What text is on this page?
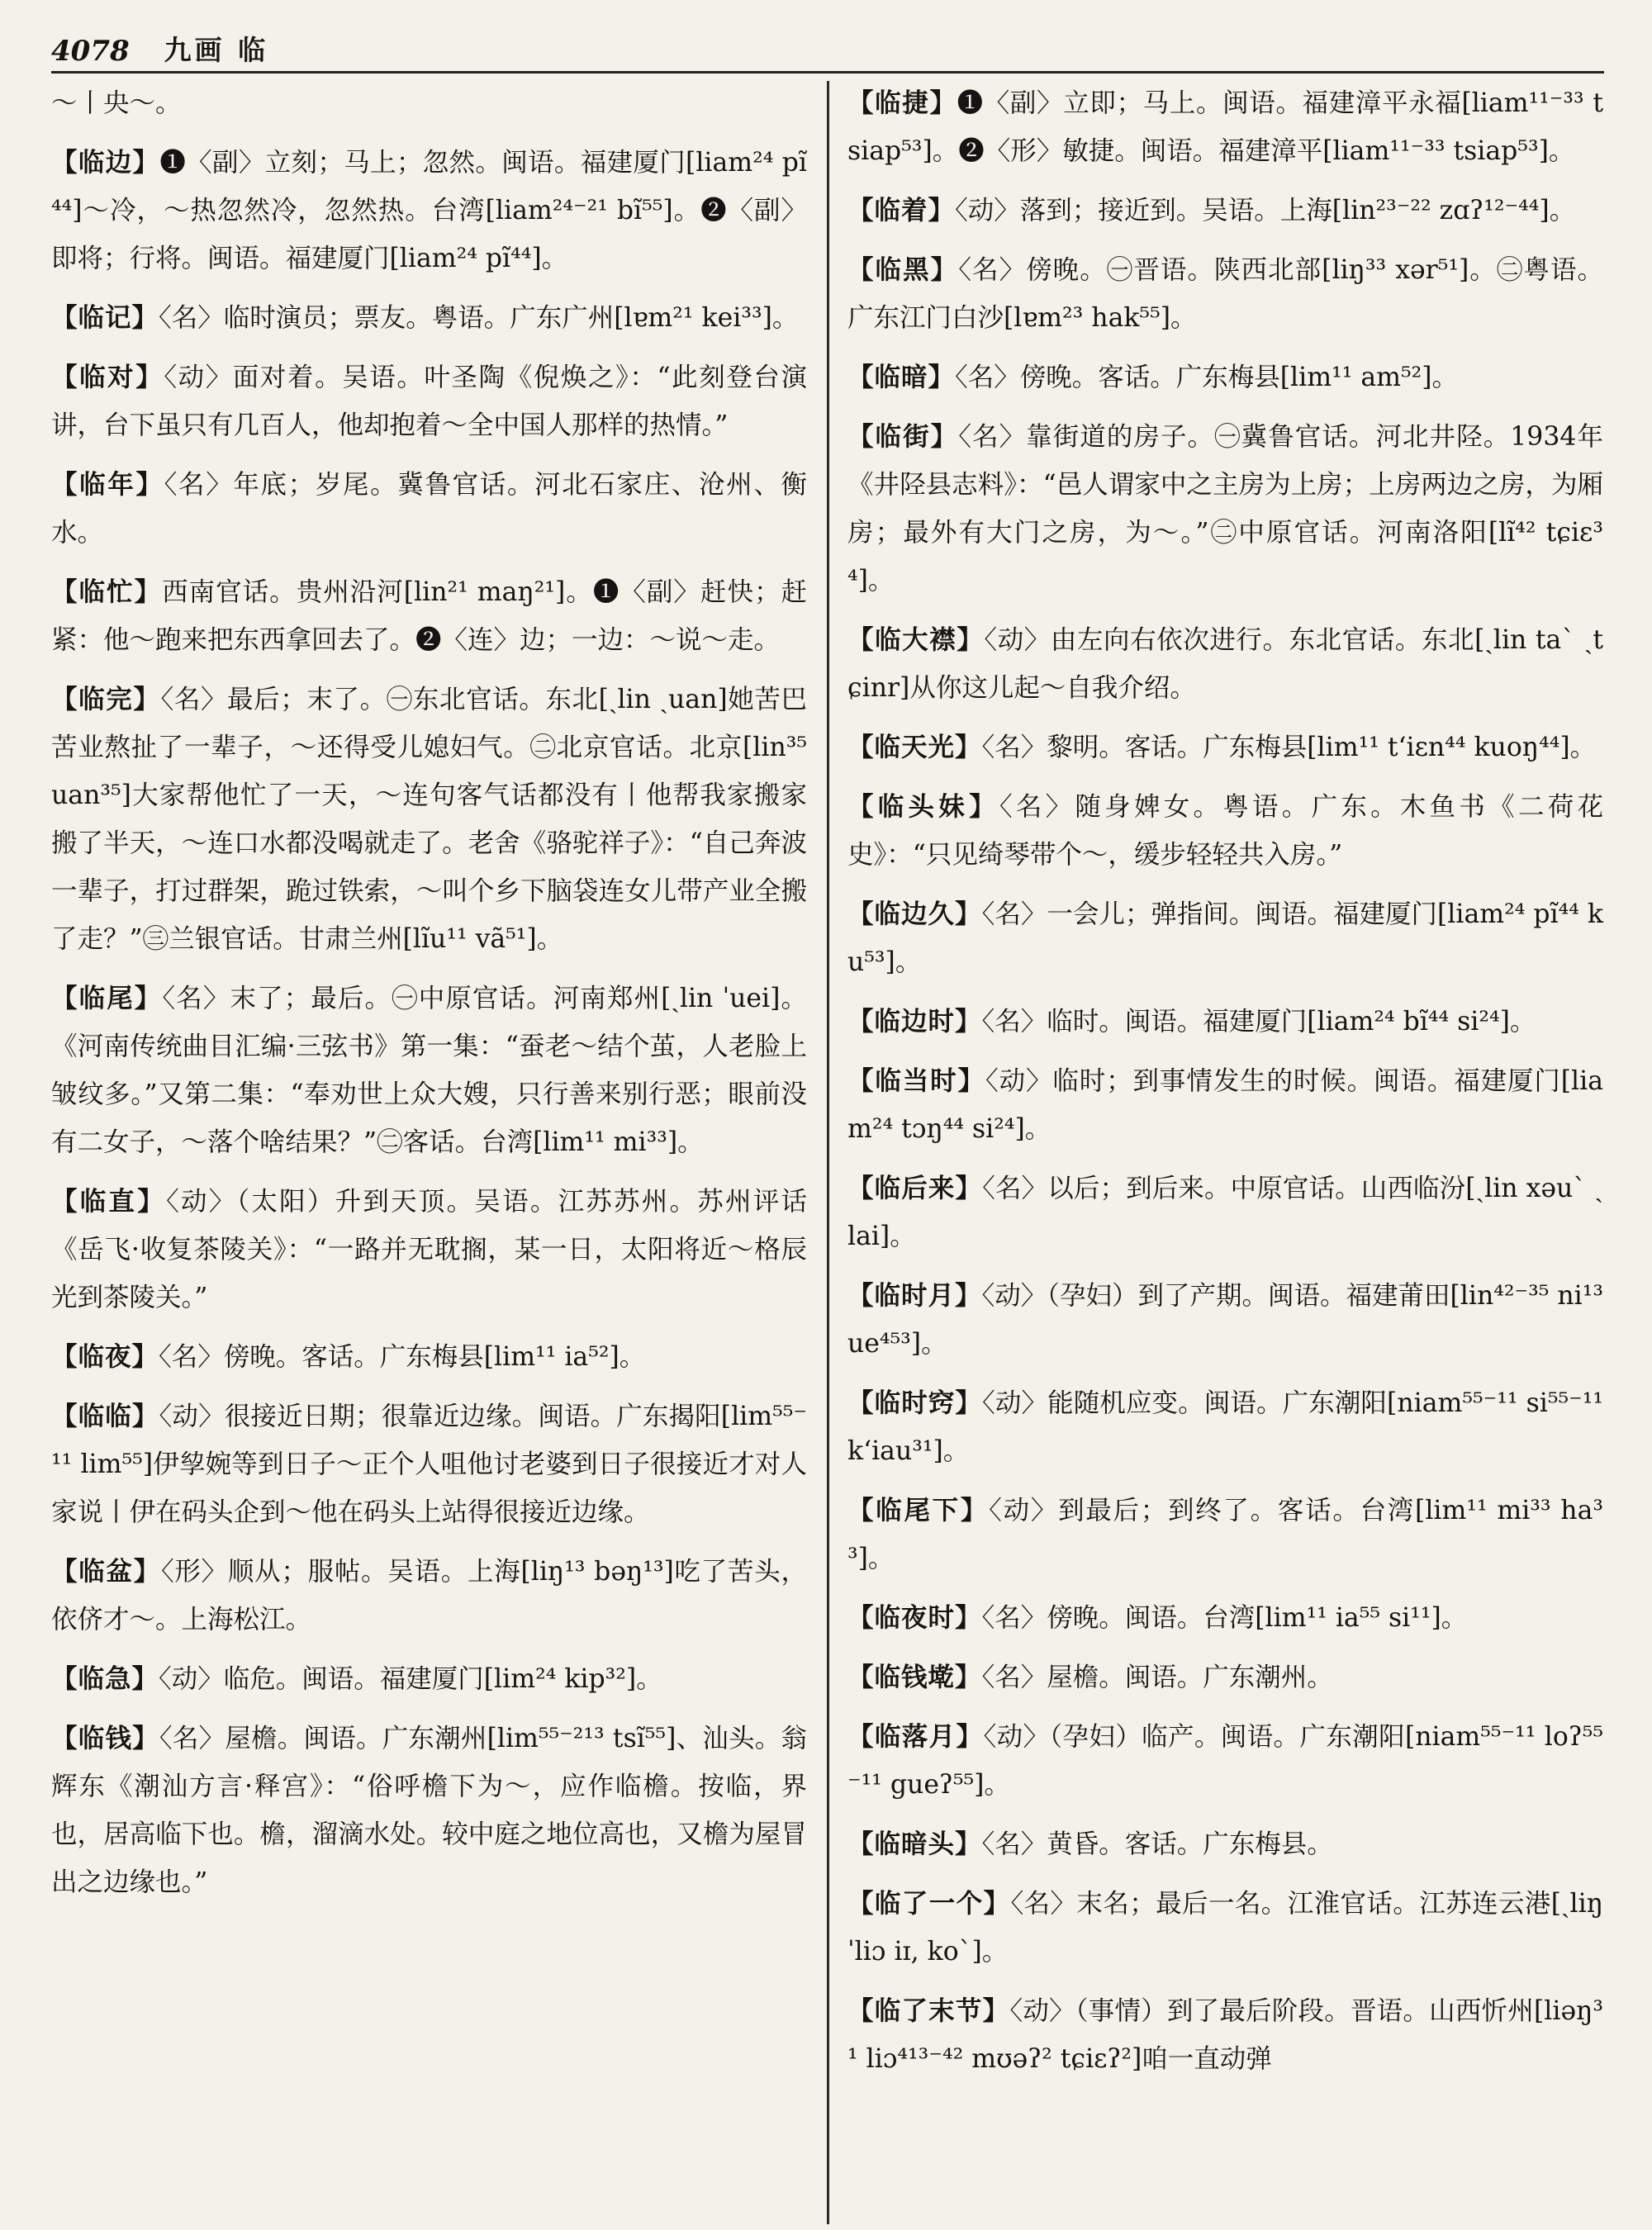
4078 九画 临
～丨央～。
【临边】❶〈副〉立刻；马上；忽然。闽语。福建厦门[liam²⁴ pĩ⁴⁴]～冷，～热忽然冷，忽然热。台湾[liam²⁴⁻²¹ bĩ⁵⁵]。❷〈副〉即将；行将。闽语。福建厦门[liam²⁴ pĩ⁴⁴]。
【临记】〈名〉临时演员；票友。粤语。广东广州[lɐm²¹ kei³³]。
【临对】〈动〉面对着。吴语。叶圣陶《倪焕之》：“此刻登台演讲，台下虽只有几百人，他却抱着～全中国人那样的热情。”
【临年】〈名〉年底；岁尾。冀鲁官话。河北石家庄、沧州、衡水。
【临忙】西南官话。贵州沿河[lin²¹ maŋ²¹]。❶〈副〉赶快；赶紧：他～跑来把东西拿回去了。❷〈连〉边；一边：～说～走。
【临完】〈名〉最后；末了。㊀东北官话。东北[ˏlin ˏuan]她苦巴苦业熬扯了一辈子，～还得受儿媳妇气。㊁北京官话。北京[lin³⁵ uan³⁵]大家帮他忙了一天，～连句客气话都没有丨他帮我家搬家搬了半天，～连口水都没喝就走了。老舍《骆驼祥子》：“自己奔波一辈子，打过群架，跪过铁索，～叫个乡下脑袋连女儿带产业全搬了走？”㊂兰银官话。甘肃兰州[lĩu¹¹ vã⁵¹]。
【临尾】〈名〉末了；最后。㊀中原官话。河南郑州[ˏlin ˈuei]。《河南传统曲目汇编·三弦书》第一集：“蚕老～结个茧，人老脸上皱纹多。”又第二集：“奉劝世上众大嫂，只行善来别行恶；眼前没有二女子，～落个啥结果？”㊁客话。台湾[lim¹¹ mi³³]。
【临直】〈动〉（太阳）升到天顶。吴语。江苏苏州。苏州评话《岳飞·收复茶陵关》：“一路并无耽搁，某一日，太阳将近～格辰光到茶陵关。”
【临夜】〈名〉傍晚。客话。广东梅县[lim¹¹ ia⁵²]。
【临临】〈动〉很接近日期；很靠近边缘。闽语。广东揭阳[lim⁵⁵⁻¹¹ lim⁵⁵]伊孧婉等到日子～正个人咀他讨老婆到日子很接近才对人家说丨伊在码头企到～他在码头上站得很接近边缘。
【临盆】〈形〉顺从；服帖。吴语。上海[liŋ¹³ bəŋ¹³]吃了苦头，依侪才～。上海松江。
【临急】〈动〉临危。闽语。福建厦门[lim²⁴ kip³²]。
【临钱】〈名〉屋檐。闽语。广东潮州[lim⁵⁵⁻²¹³ tsĩ⁵⁵]、汕头。翁辉东《潮汕方言·释宫》：“俗呼檐下为～，应作临檐。按临，界也，居高临下也。檐，溜滴水处。较中庭之地位高也，又檐为屋冒出之边缘也。”
【临捷】❶〈副〉立即；马上。闽语。福建漳平永福[liam¹¹⁻³³ tsiap⁵³]。❷〈形〉敏捷。闽语。福建漳平[liam¹¹⁻³³ tsiap⁵³]。
【临着】〈动〉落到；接近到。吴语。上海[lin²³⁻²² zɑʔ¹²⁻⁴⁴]。
【临黑】〈名〉傍晚。㊀晋语。陕西北部[liŋ³³ xər⁵¹]。㊁粤语。广东江门白沙[lɐm²³ hak⁵⁵]。
【临暗】〈名〉傍晚。客话。广东梅县[lim¹¹ am⁵²]。
【临街】〈名〉靠街道的房子。㊀冀鲁官话。河北井陉。1934年《井陉县志料》：“邑人谓家中之主房为上房；上房两边之房，为厢房；最外有大门之房，为～。”㊁中原官话。河南洛阳[lĩ⁴² tɕiɛ³⁴]。
【临大襟】〈动〉由左向右依次进行。东北官话。东北[ˏlin taˋ ˏtɕinr]从你这儿起～自我介绍。
【临天光】〈名〉黎明。客话。广东梅县[lim¹¹ tʻiɛn⁴⁴ kuoŋ⁴⁴]。
【临头妹】〈名〉随身婢女。粤语。广东。木鱼书《二荷花史》：“只见绮琴带个～，缓步轻轻共入房。”
【临边久】〈名〉一会儿；弹指间。闽语。福建厦门[liam²⁴ pĩ⁴⁴ ku⁵³]。
【临边时】〈名〉临时。闽语。福建厦门[liam²⁴ bĩ⁴⁴ si²⁴]。
【临当时】〈动〉临时；到事情发生的时候。闽语。福建厦门[liam²⁴ tɔŋ⁴⁴ si²⁴]。
【临后来】〈名〉以后；到后来。中原官话。山西临汾[ˏlin xəuˋ ˏlai]。
【临时月】〈动〉（孕妇）到了产期。闽语。福建莆田[lin⁴²⁻³⁵ ni¹³ ue⁴⁵³]。
【临时窍】〈动〉能随机应变。闽语。广东潮阳[niam⁵⁵⁻¹¹ si⁵⁵⁻¹¹ kʻiau³¹]。
【临尾下】〈动〉到最后；到终了。客话。台湾[lim¹¹ mi³³ ha³³]。
【临夜时】〈名〉傍晚。闽语。台湾[lim¹¹ ia⁵⁵ si¹¹]。
【临钱墘】〈名〉屋檐。闽语。广东潮州。
【临落月】〈动〉（孕妇）临产。闽语。广东潮阳[niam⁵⁵⁻¹¹ loʔ⁵⁵⁻¹¹ gueʔ⁵⁵]。
【临暗头】〈名〉黄昏。客话。广东梅县。
【临了一个】〈名〉末名；最后一名。江淮官话。江苏连云港[ˏliŋ ˈliɔ iɪ, koˋ]。
【临了末节】〈动〉（事情）到了最后阶段。晋语。山西忻州[liəŋ³¹ liɔ⁴¹³⁻⁴² mʊəʔ² tɕiɛʔ²]咱一直动弹
